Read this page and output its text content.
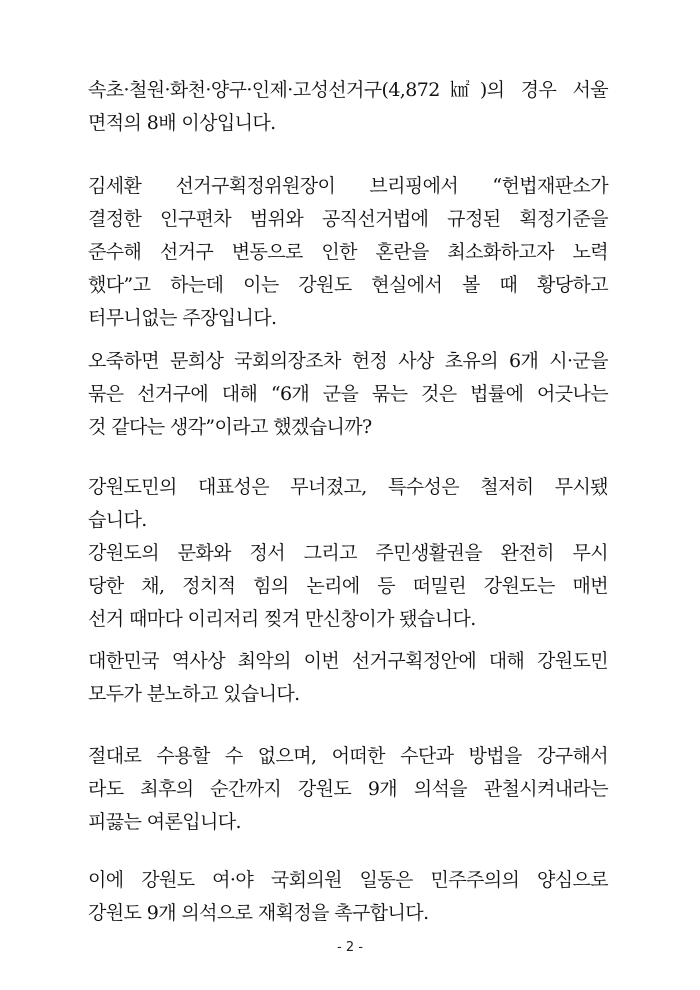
속초·철원·화천·양구·인제·고성선거구(4,872㎢)의 경우 서울
면적의 8배 이상입니다.
김세환 선거구획정위원장이 브리핑에서 “헌법재판소가
결정한 인구편차 범위와 공직선거법에 규정된 획정기준을
준수해 선거구 변동으로 인한 혼란을 최소화하고자 노력
했다”고 하는데 이는 강원도 현실에서 볼 때 황당하고
터무니없는 주장입니다.
오죽하면 문희상 국회의장조차 헌정 사상 초유의 6개 시·군을
묶은 선거구에 대해 “6개 군을 묶는 것은 법률에 어긋나는
것 같다는 생각”이라고 했겠습니까?
강원도민의 대표성은 무너졌고, 특수성은 철저히 무시됐
습니다.
강원도의 문화와 정서 그리고 주민생활권을 완전히 무시
당한 채, 정치적 힘의 논리에 등 떠밀린 강원도는 매번
선거 때마다 이리저리 찢겨 만신창이가 됐습니다.
대한민국 역사상 최악의 이번 선거구획정안에 대해 강원도민
모두가 분노하고 있습니다.
절대로 수용할 수 없으며, 어떠한 수단과 방법을 강구해서
라도 최후의 순간까지 강원도 9개 의석을 관철시켜내라는
피끓는 여론입니다.
이에 강원도 여·야 국회의원 일동은 민주주의의 양심으로
강원도 9개 의석으로 재획정을 촉구합니다.
- 2 -
